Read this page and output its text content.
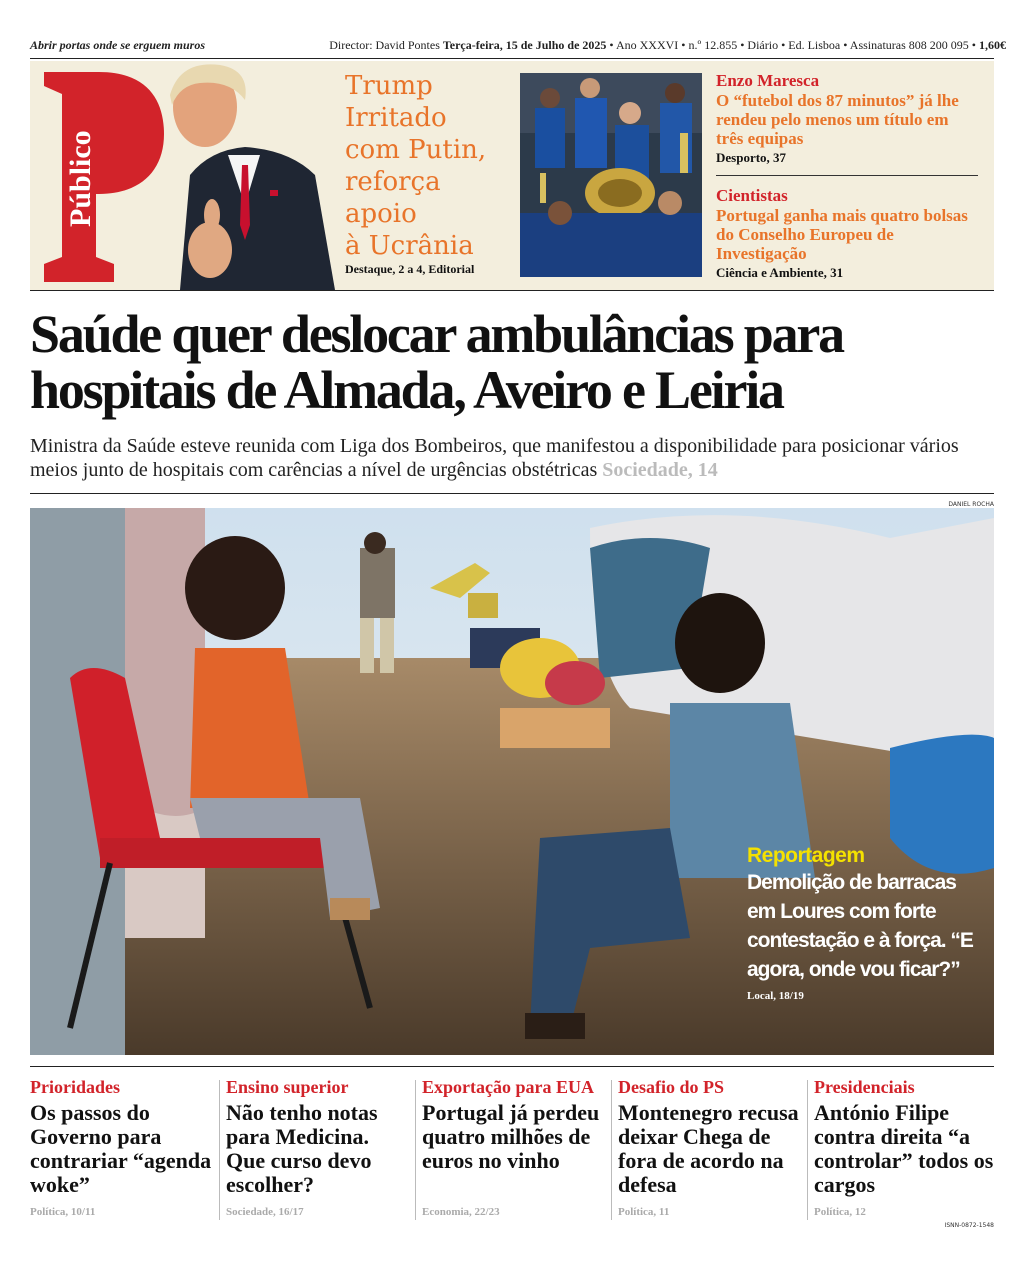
Abrir portas onde se erguem muros	Director: David Pontes Terça-feira, 15 de Julho de 2025 • Ano XXXVI • n.º 12.855 • Diário • Ed. Lisboa • Assinaturas 808 200 095 • 1,60€
Público
Trump
Irritado
com Putin,
reforça
apoio
à Ucrânia
Destaque, 2 a 4, Editorial
Enzo Maresca
O “futebol dos 87 minutos” já lhe rendeu pelo menos um título em três equipas
Desporto, 37
Cientistas
Portugal ganha mais quatro bolsas do Conselho Europeu de Investigação
Ciência e Ambiente, 31
Saúde quer deslocar ambulâncias para hospitais de Almada, Aveiro e Leiria
Ministra da Saúde esteve reunida com Liga dos Bombeiros, que manifestou a disponibilidade para posicionar vários meios junto de hospitais com carências a nível de urgências obstétricas Sociedade, 14
DANIEL ROCHA
Reportagem
Demolição de barracas em Loures com forte contestação e à força. “E agora, onde vou ficar?”
Local, 18/19
Prioridades
Os passos do Governo para contrariar “agenda woke”
Política, 10/11
Ensino superior
Não tenho notas para Medicina. Que curso devo escolher?
Sociedade, 16/17
Exportação para EUA
Portugal já perdeu quatro milhões de euros no vinho
Economia, 22/23
Desafio do PS
Montenegro recusa deixar Chega de fora de acordo na defesa
Política, 11
Presidenciais
António Filipe contra direita “a controlar” todos os cargos
Política, 12
ISNN-0872-1548
